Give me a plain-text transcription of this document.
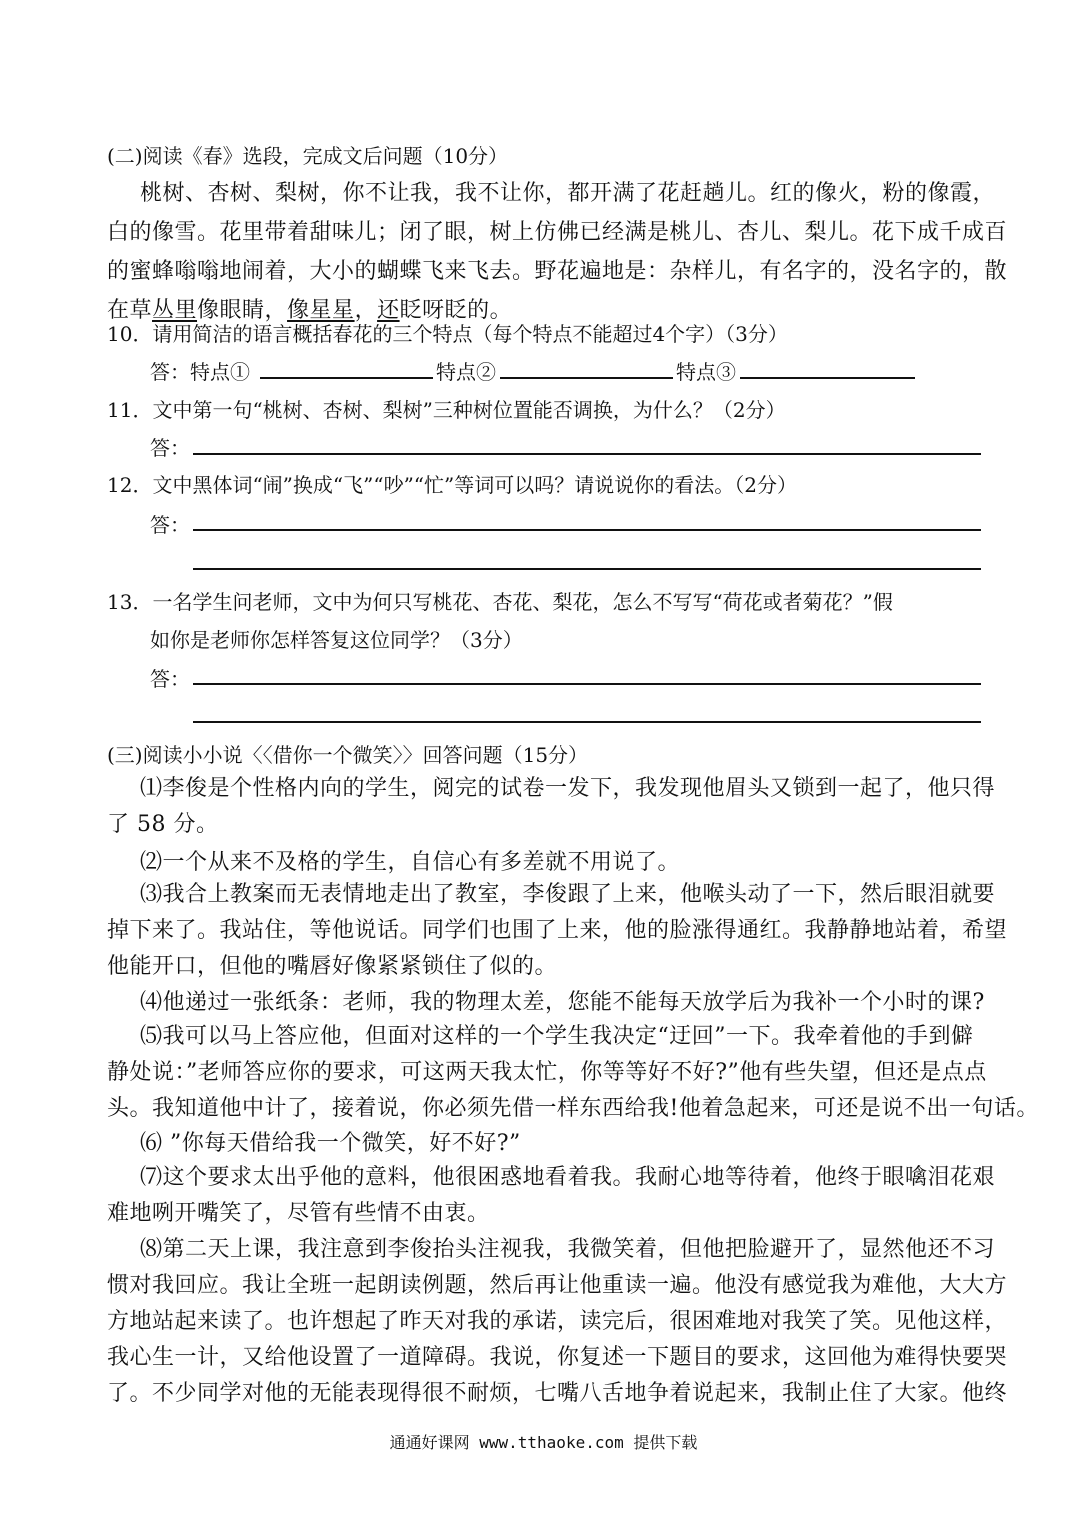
(二)阅读《春》选段，完成文后问题（10分）

桃树、杏树、梨树，你不让我，我不让你，都开满了花赶趟儿。红的像火，粉的像霞，

白的像雪。花里带着甜味儿；闭了眼，树上仿佛已经满是桃儿、杏儿、梨儿。花下成千成百

的蜜蜂嗡嗡地闹着，大小的蝴蝶飞来飞去。野花遍地是：杂样儿，有名字的，没名字的，散

在草丛里像眼睛，像星星，还眨呀眨的。

10．请用简洁的语言概括春花的三个特点（每个特点不能超过4个字）（3分）

答：特点①	特点②	特点③

11．文中第一句“桃树、杏树、梨树”三种树位置能否调换，为什么？（2分）

答：

12．文中黑体词“闹”换成“飞”“吵”“忙”等词可以吗？请说说你的看法。（2分）

答：

13．一名学生问老师，文中为何只写桃花、杏花、梨花，怎么不写写“荷花或者菊花？”假

如你是老师你怎样答复这位同学？（3分）

答：

(三)阅读小小说〈〈借你一个微笑〉〉回答问题（15分）

⑴李俊是个性格内向的学生，阅完的试卷一发下，我发现他眉头又锁到一起了，他只得

了 58 分。

⑵一个从来不及格的学生，自信心有多差就不用说了。

⑶我合上教案而无表情地走出了教室，李俊跟了上来，他喉头动了一下，然后眼泪就要

掉下来了。我站住，等他说话。同学们也围了上来，他的脸涨得通红。我静静地站着，希望

他能开口，但他的嘴唇好像紧紧锁住了似的。

⑷他递过一张纸条：老师，我的物理太差，您能不能每天放学后为我补一个小时的课?

⑸我可以马上答应他，但面对这样的一个学生我决定“迂回”一下。我牵着他的手到僻

静处说：”老师答应你的要求，可这两天我太忙，你等等好不好?”他有些失望，但还是点点

头。我知道他中计了，接着说，你必须先借一样东西给我!他着急起来，可还是说不出一句话。

⑹ ”你每天借给我一个微笑，好不好?”

⑺这个要求太出乎他的意料，他很困惑地看着我。我耐心地等待着，他终于眼噙泪花艰

难地咧开嘴笑了，尽管有些情不由衷。

⑻第二天上课，我注意到李俊抬头注视我，我微笑着，但他把脸避开了，显然他还不习

惯对我回应。我让全班一起朗读例题，然后再让他重读一遍。他没有感觉我为难他，大大方

方地站起来读了。也许想起了昨天对我的承诺，读完后，很困难地对我笑了笑。见他这样，

我心生一计，又给他设置了一道障碍。我说，你复述一下题目的要求，这回他为难得快要哭

了。不少同学对他的无能表现得很不耐烦，七嘴八舌地争着说起来，我制止住了大家。他终

通通好课网 www.tthaoke.com 提供下载
